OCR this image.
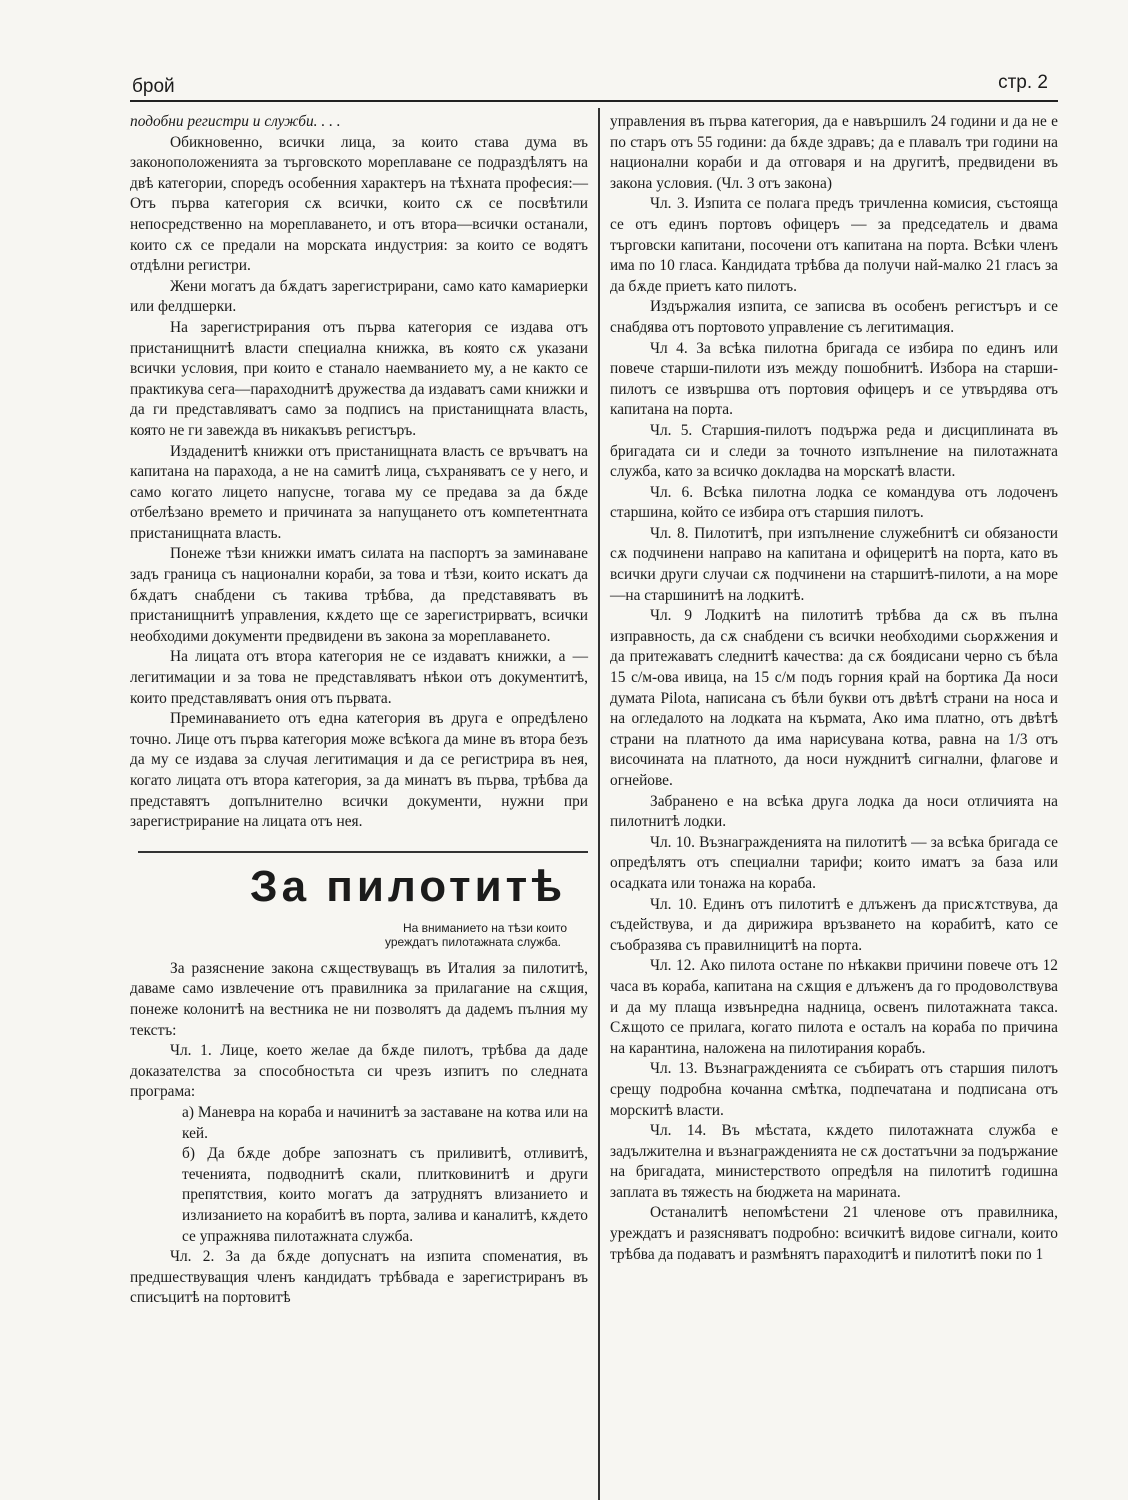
брой	стр. 2

подобни регистри и служби. . . .

Обикновенно, всички лица, за които става дума въ законоположенията за търговското мореплаване се подраздѣлятъ на двѣ категории, споредъ особенния характеръ на тѣхната професия:— Отъ първа категория сѫ всички, които сѫ се посвѣтили непосредственно на мореплаването, и отъ втора—всички останали, които сѫ се предали на морската индустрия: за които се водятъ отдѣлни регистри.

Жени могатъ да бѫдатъ зарегистрирани, само като камариерки или фелдшерки.

На зарегистрирания отъ първа категория се издава отъ пристанищнитѣ власти специална книжка, въ която сѫ указани всички условия, при които е станало наемванието му, а не както се практикува сега—параходнитѣ дружества да издаватъ сами книжки и да ги представляватъ само за подписъ на пристанищната власть, която не ги завежда въ никакъвъ регистъръ.

Издаденитѣ книжки отъ пристанищната власть се връчватъ на капитана на парахода, а не на самитѣ лица, съхраняватъ се у него, и само когато лицето напусне, тогава му се предава за да бѫде отбелѣзано времето и причината за напущането отъ компетентната пристанищната власть.

Понеже тѣзи книжки иматъ силата на паспортъ за заминаване задъ граница съ национални кораби, за това и тѣзи, които искатъ да бѫдатъ снабдени съ такива трѣбва, да представяватъ въ пристанищнитѣ управления, кѫдето ще се зарегистрирватъ, всички необходими документи предвидени въ закона за мореплаването.

На лицата отъ втора категория не се издаватъ книжки, а — легитимации и за това не представляватъ нѣкои отъ документитѣ, които представляватъ ония отъ първата.

Преминаванието отъ една категория въ друга е опредѣлено точно. Лице отъ първа категория може всѣкога да мине въ втора безъ да му се издава за случая легитимация и да се регистрира въ нея, когато лицата отъ втора категория, за да минатъ въ първа, трѣбва да представятъ допълнително всички документи, нужни при зарегистрирание на лицата отъ нея.

За пилотитѣ
На вниманието на тѣзи които уреждатъ пилотажната служба.

За разяснение закона сѫществуващъ въ Италия за пилотитѣ, даваме само извлечение отъ правилника за прилагание на сѫщия, понеже колонитѣ на вестника не ни позволятъ да дадемъ пълния му текстъ:

Чл. 1. Лице, което желае да бѫде пилотъ, трѣбва да даде доказателства за способностьта си чрезъ изпитъ по следната програма:

а) Маневра на кораба и начинитѣ за заставане на котва или на кей.

б) Да бѫде добре запознатъ съ приливитѣ, отливитѣ, теченията, подводнитѣ скали, плитковинитѣ и други препятствия, които могатъ да затруднятъ влизанието и излизанието на корабитѣ въ порта, залива и каналитѣ, кѫдето се упражнява пилотажната служба.

Чл. 2. За да бѫде допуснатъ на изпита споменатия, въ предшествуващия членъ кандидатъ трѣбвада е зарегистриранъ въ списъцитѣ на портовитѣ

управления въ първа категория, да е навършилъ 24 години и да не е по старъ отъ 55 години: да бѫде здравъ; да е плавалъ три години на национални кораби и да отговаря и на другитѣ, предвидени въ закона условия. (Чл. 3 отъ закона)

Чл. 3. Изпита се полага предъ тричленна комисия, състояща се отъ единъ портовъ офицеръ — за председатель и двама търговски капитани, посочени отъ капитана на порта. Всѣки членъ има по 10 гласа. Кандидата трѣбва да получи най-малко 21 гласъ за да бѫде приетъ като пилотъ.

Издържалия изпита, се записва въ особенъ регистъръ и се снабдява отъ портовото управление съ легитимация.

Чл 4. За всѣка пилотна бригада се избира по единъ или повече старши-пилоти изъ между пошобнитѣ. Избора на старши-пилотъ се извършва отъ портовия офицеръ и се утвърдява отъ капитана на порта.

Чл. 5. Старшия-пилотъ подържа реда и дисциплината въ бригадата си и следи за точното изпълнение на пилотажната служба, като за всичко докладва на морскатѣ власти.

Чл. 6. Всѣка пилотна лодка се командува отъ лодоченъ старшина, който се избира отъ старшия пилотъ.

Чл. 8. Пилотитѣ, при изпълнение служебнитѣ си обязаности сѫ подчинени направо на капитана и офицеритѣ на порта, като въ всички други случаи сѫ подчинени на старшитѣ-пилоти, а на море —на старшинитѣ на лодкитѣ.

Чл. 9 Лодкитѣ на пилотитѣ трѣбва да сѫ въ пълна изправность, да сѫ снабдени съ всички необходими сьорѫжения и да притежаватъ следнитѣ качества: да сѫ боядисани черно съ бѣла 15 с/м-ова ивица, на 15 с/м подъ горния край на бортика Да носи думата Pilota, написана съ бѣли букви отъ двѣтѣ страни на носа и на огледалото на лодката на кърмата, Ако има платно, отъ двѣтѣ страни на платното да има нарисувана котва, равна на 1/3 отъ височината на платното, да носи нужднитѣ сигнални, флагове и огнейове.

Забранено е на всѣка друга лодка да носи отличията на пилотнитѣ лодки.

Чл. 10. Възнагражденията на пилотитѣ — за всѣка бригада се опредѣлятъ отъ специални тарифи; които иматъ за база или осадката или тонажа на кораба.

Чл. 10. Единъ отъ пилотитѣ е длъженъ да присѫтствува, да съдействува, и да дирижира връзването на корабитѣ, като се съобразява съ правилницитѣ на порта.

Чл. 12. Ако пилота остане по нѣкакви причини повече отъ 12 часа въ кораба, капитана на сѫщия е длъженъ да го продоволствува и да му плаща извънредна надница, освенъ пилотажната такса. Сѫщото се прилага, когато пилота е осталъ на кораба по причина на карантина, наложена на пилотирания корабъ.

Чл. 13. Възнагражденията се събиратъ отъ старшия пилотъ срещу подробна кочанна смѣтка, подпечатана и подписана отъ морскитѣ власти.

Чл. 14. Въ мѣстата, кѫдето пилотажната служба е задължителна и възнагражденията не сѫ достатъчни за подържание на бригадата, министерството опредѣля на пилотитѣ годишна заплата въ тяжесть на бюджета на марината.

Останалитѣ непомѣстени 21 членове отъ правилника, уреждатъ и разясняватъ подробно: всичкитѣ видове сигнали, които трѣбва да подаватъ и размѣнятъ параходитѣ и пилотитѣ поки по 1
